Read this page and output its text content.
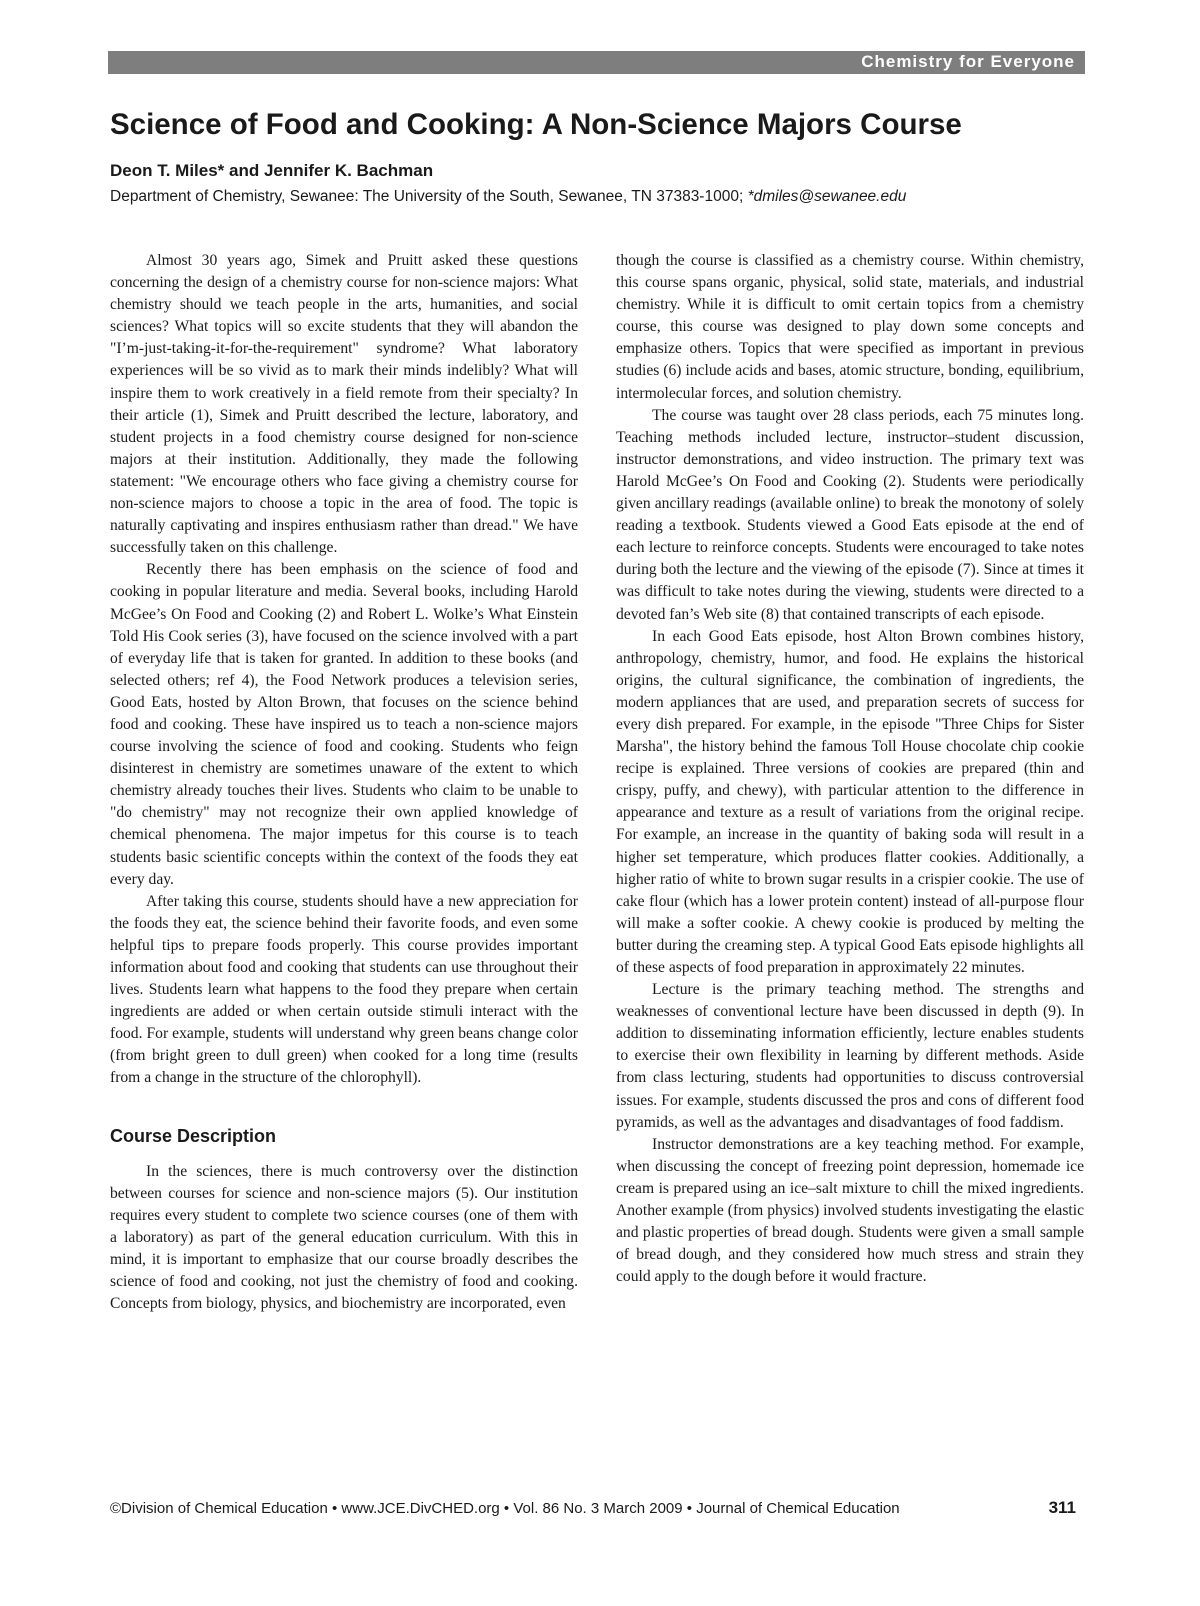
Chemistry for Everyone
Science of Food and Cooking: A Non-Science Majors Course
Deon T. Miles* and Jennifer K. Bachman
Department of Chemistry, Sewanee: The University of the South, Sewanee, TN 37383-1000; *dmiles@sewanee.edu

Almost 30 years ago, Simek and Pruitt asked these questions concerning the design of a chemistry course for non-science majors: What chemistry should we teach people in the arts, humanities, and social sciences? What topics will so excite students that they will abandon the "I’m-just-taking-it-for-the-requirement" syndrome? What laboratory experiences will be so vivid as to mark their minds indelibly? What will inspire them to work creatively in a field remote from their specialty? In their article (1), Simek and Pruitt described the lecture, laboratory, and student projects in a food chemistry course designed for non-science majors at their institution. Additionally, they made the following statement: "We encourage others who face giving a chemistry course for non-science majors to choose a topic in the area of food. The topic is naturally captivating and inspires enthusiasm rather than dread." We have successfully taken on this challenge.

Recently there has been emphasis on the science of food and cooking in popular literature and media. Several books, including Harold McGee’s On Food and Cooking (2) and Robert L. Wolke’s What Einstein Told His Cook series (3), have focused on the science involved with a part of everyday life that is taken for granted. In addition to these books (and selected others; ref 4), the Food Network produces a television series, Good Eats, hosted by Alton Brown, that focuses on the science behind food and cooking. These have inspired us to teach a non-science majors course involving the science of food and cooking. Students who feign disinterest in chemistry are sometimes unaware of the extent to which chemistry already touches their lives. Students who claim to be unable to "do chemistry" may not recognize their own applied knowledge of chemical phenomena. The major impetus for this course is to teach students basic scientific concepts within the context of the foods they eat every day.

After taking this course, students should have a new appreciation for the foods they eat, the science behind their favorite foods, and even some helpful tips to prepare foods properly. This course provides important information about food and cooking that students can use throughout their lives. Students learn what happens to the food they prepare when certain ingredients are added or when certain outside stimuli interact with the food. For example, students will understand why green beans change color (from bright green to dull green) when cooked for a long time (results from a change in the structure of the chlorophyll).

Course Description

In the sciences, there is much controversy over the distinction between courses for science and non-science majors (5). Our institution requires every student to complete two science courses (one of them with a laboratory) as part of the general education curriculum. With this in mind, it is important to emphasize that our course broadly describes the science of food and cooking, not just the chemistry of food and cooking. Concepts from biology, physics, and biochemistry are incorporated, even

though the course is classified as a chemistry course. Within chemistry, this course spans organic, physical, solid state, materials, and industrial chemistry. While it is difficult to omit certain topics from a chemistry course, this course was designed to play down some concepts and emphasize others. Topics that were specified as important in previous studies (6) include acids and bases, atomic structure, bonding, equilibrium, intermolecular forces, and solution chemistry.

The course was taught over 28 class periods, each 75 minutes long. Teaching methods included lecture, instructor–student discussion, instructor demonstrations, and video instruction. The primary text was Harold McGee’s On Food and Cooking (2). Students were periodically given ancillary readings (available online) to break the monotony of solely reading a textbook. Students viewed a Good Eats episode at the end of each lecture to reinforce concepts. Students were encouraged to take notes during both the lecture and the viewing of the episode (7). Since at times it was difficult to take notes during the viewing, students were directed to a devoted fan’s Web site (8) that contained transcripts of each episode.

In each Good Eats episode, host Alton Brown combines history, anthropology, chemistry, humor, and food. He explains the historical origins, the cultural significance, the combination of ingredients, the modern appliances that are used, and preparation secrets of success for every dish prepared. For example, in the episode "Three Chips for Sister Marsha", the history behind the famous Toll House chocolate chip cookie recipe is explained. Three versions of cookies are prepared (thin and crispy, puffy, and chewy), with particular attention to the difference in appearance and texture as a result of variations from the original recipe. For example, an increase in the quantity of baking soda will result in a higher set temperature, which produces flatter cookies. Additionally, a higher ratio of white to brown sugar results in a crispier cookie. The use of cake flour (which has a lower protein content) instead of all-purpose flour will make a softer cookie. A chewy cookie is produced by melting the butter during the creaming step. A typical Good Eats episode highlights all of these aspects of food preparation in approximately 22 minutes.

Lecture is the primary teaching method. The strengths and weaknesses of conventional lecture have been discussed in depth (9). In addition to disseminating information efficiently, lecture enables students to exercise their own flexibility in learning by different methods. Aside from class lecturing, students had opportunities to discuss controversial issues. For example, students discussed the pros and cons of different food pyramids, as well as the advantages and disadvantages of food faddism.

Instructor demonstrations are a key teaching method. For example, when discussing the concept of freezing point depression, homemade ice cream is prepared using an ice–salt mixture to chill the mixed ingredients. Another example (from physics) involved students investigating the elastic and plastic properties of bread dough. Students were given a small sample of bread dough, and they considered how much stress and strain they could apply to the dough before it would fracture.

©Division of Chemical Education • www.JCE.DivCHED.org • Vol. 86 No. 3 March 2009 • Journal of Chemical Education	311
